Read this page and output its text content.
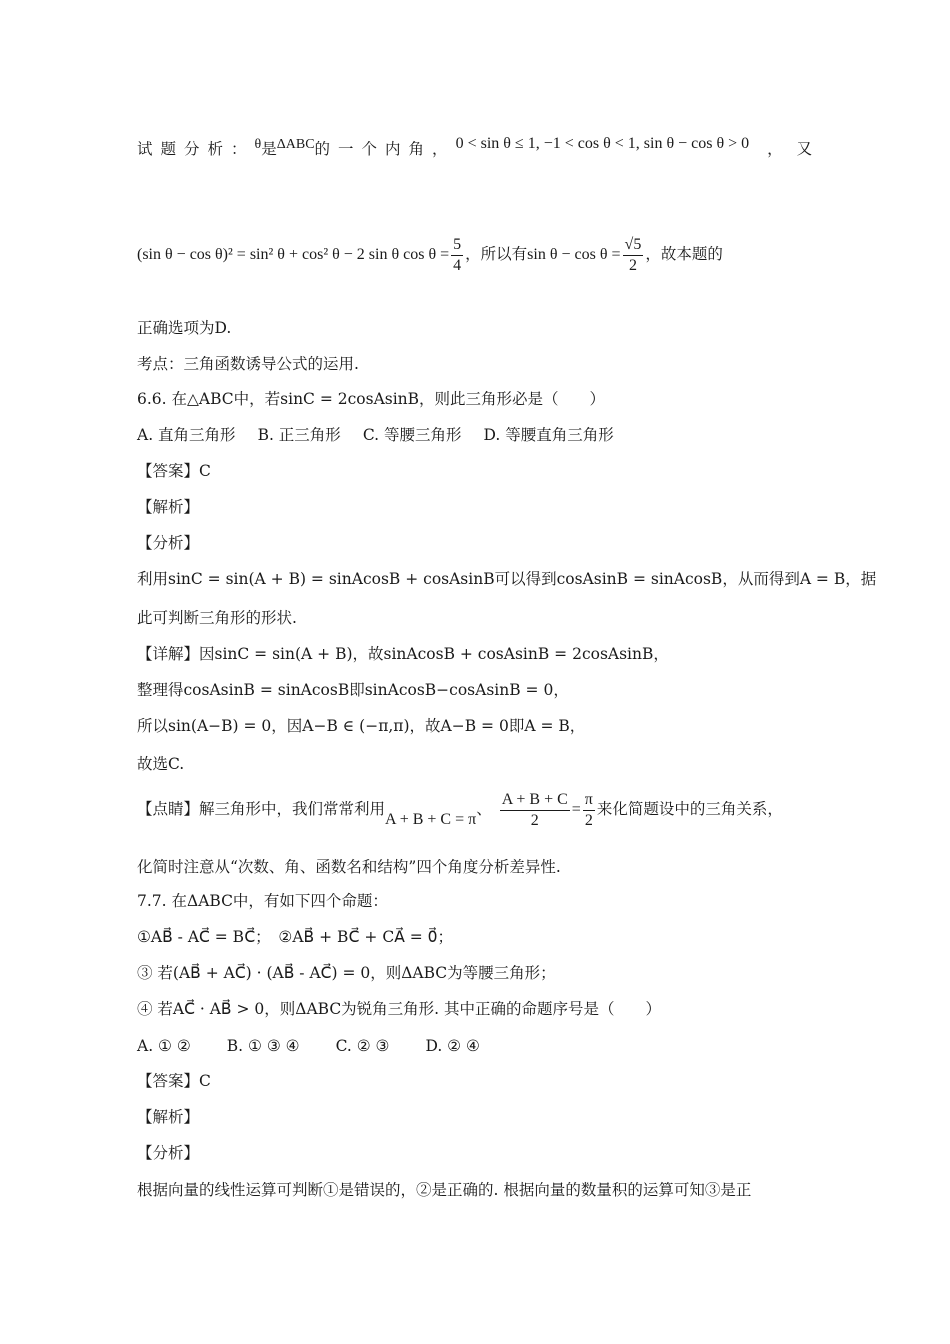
试题分析：θ是ΔABC的一个内角，0 < sin θ ≤ 1, −1 < cos θ < 1, sin θ − cos θ > 0 ，又
(sin θ − cos θ)² = sin² θ + cos² θ − 2 sin θ $\cos \theta = \frac{5}{4}$ ，所以有$\sin \theta - \cos \theta = \frac{√5}{2}$ ，故本题的
正确选项为D.
考点：三角函数诱导公式的运用.
6.6. 在△ABC中，若sinC = 2cosAsinB，则此三角形必是（　　）
A. 直角三角形 B. 正三角形 C. 等腰三角形 D. 等腰直角三角形
【答案】C
【解析】
【分析】
利用sinC = sin(A + B) = sinAcosB + cosAsinB可以得到cosAsinB = sinAcosB，从而得到A = B，据
此可判断三角形的形状.
【详解】因sinC = sin(A + B)，故sinAcosB + cosAsinB = 2cosAsinB，
整理得cosAsinB = sinAcosB即sinAcosB−cosAsinB = 0，
所以sin(A−B) = 0，因A−B ∈ (−π,π)，故A−B = 0即A = B，
故选C.
【点睛】解三角形中，我们常常利用A + B + C = π、 $\frac{A + B + C}{2} = \frac{\pi}{2}$ 来化简题设中的三角关系，
化简时注意从“次数、角、函数名和结构”四个角度分析差异性.
7.7. 在ΔABC中，有如下四个命题：
①AB⃗ - AC⃗ = BC⃗；　②AB⃗ + BC⃗ + CA⃗ = 0⃗；
③ 若(AB⃗ + AC⃗) · (AB⃗ - AC⃗) = 0，则ΔABC为等腰三角形；
④ 若AC⃗ · AB⃗ > 0，则ΔABC为锐角三角形. 其中正确的命题序号是（　　）
A. ① ② B. ① ③ ④ C. ② ③ D. ② ④
【答案】C
【解析】
【分析】
根据向量的线性运算可判断①是错误的，②是正确的. 根据向量的数量积的运算可知③是正
